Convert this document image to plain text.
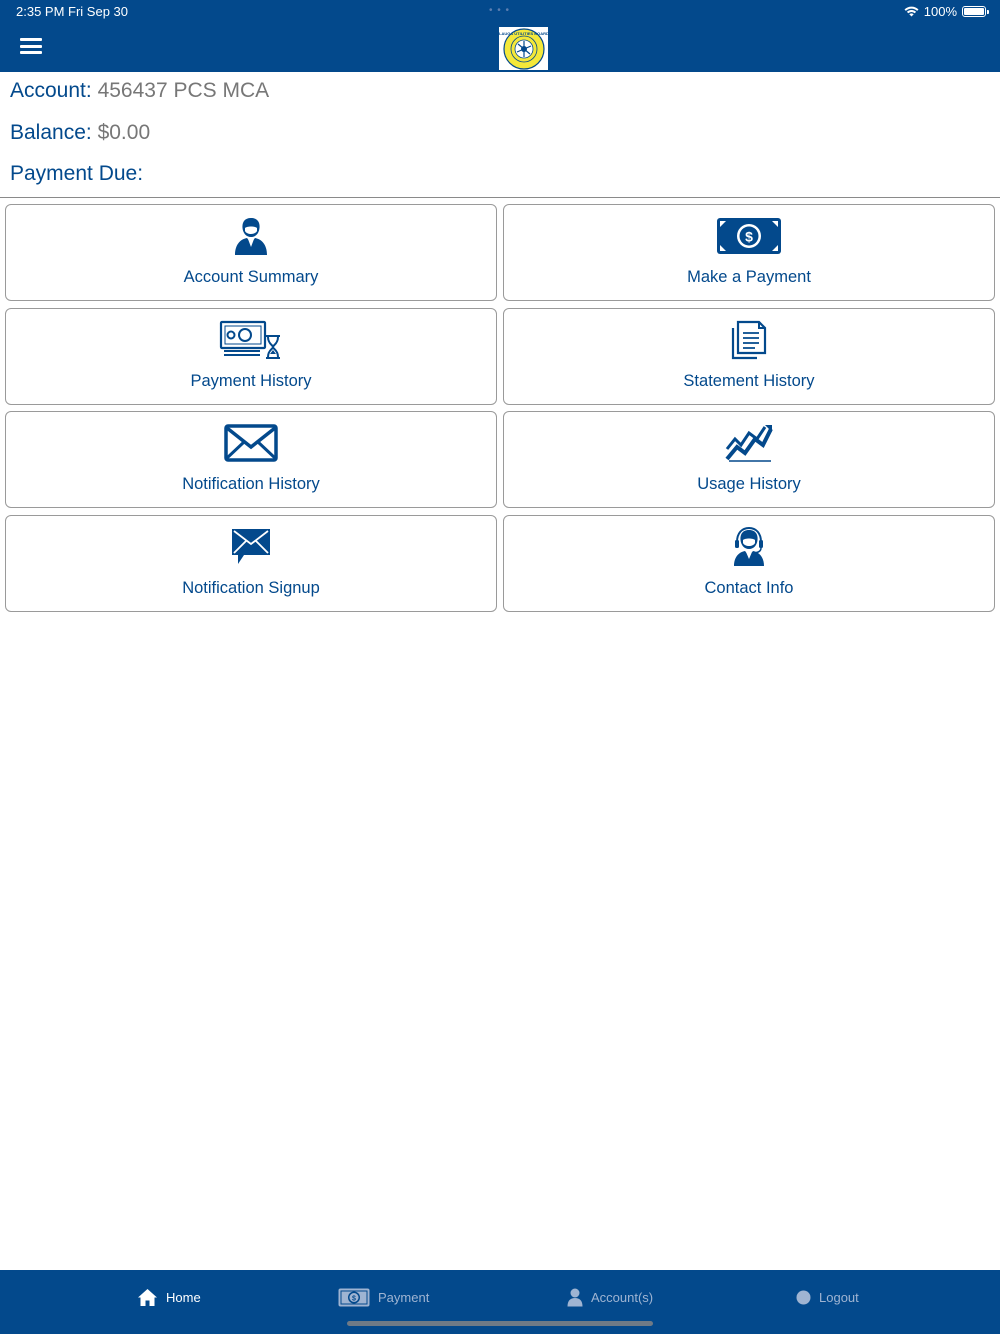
2:35 PM Fri Sep 30	• • •	100%
LAUGA UTILITIES BOARD
Account: 456437 PCS MCA
Balance: $0.00
Payment Due:
Account Summary
$
Make a Payment
Payment History	Statement History
Notification History	Usage History
Notification Signup	Contact Info
Home	$ Payment	Account(s)	Logout
